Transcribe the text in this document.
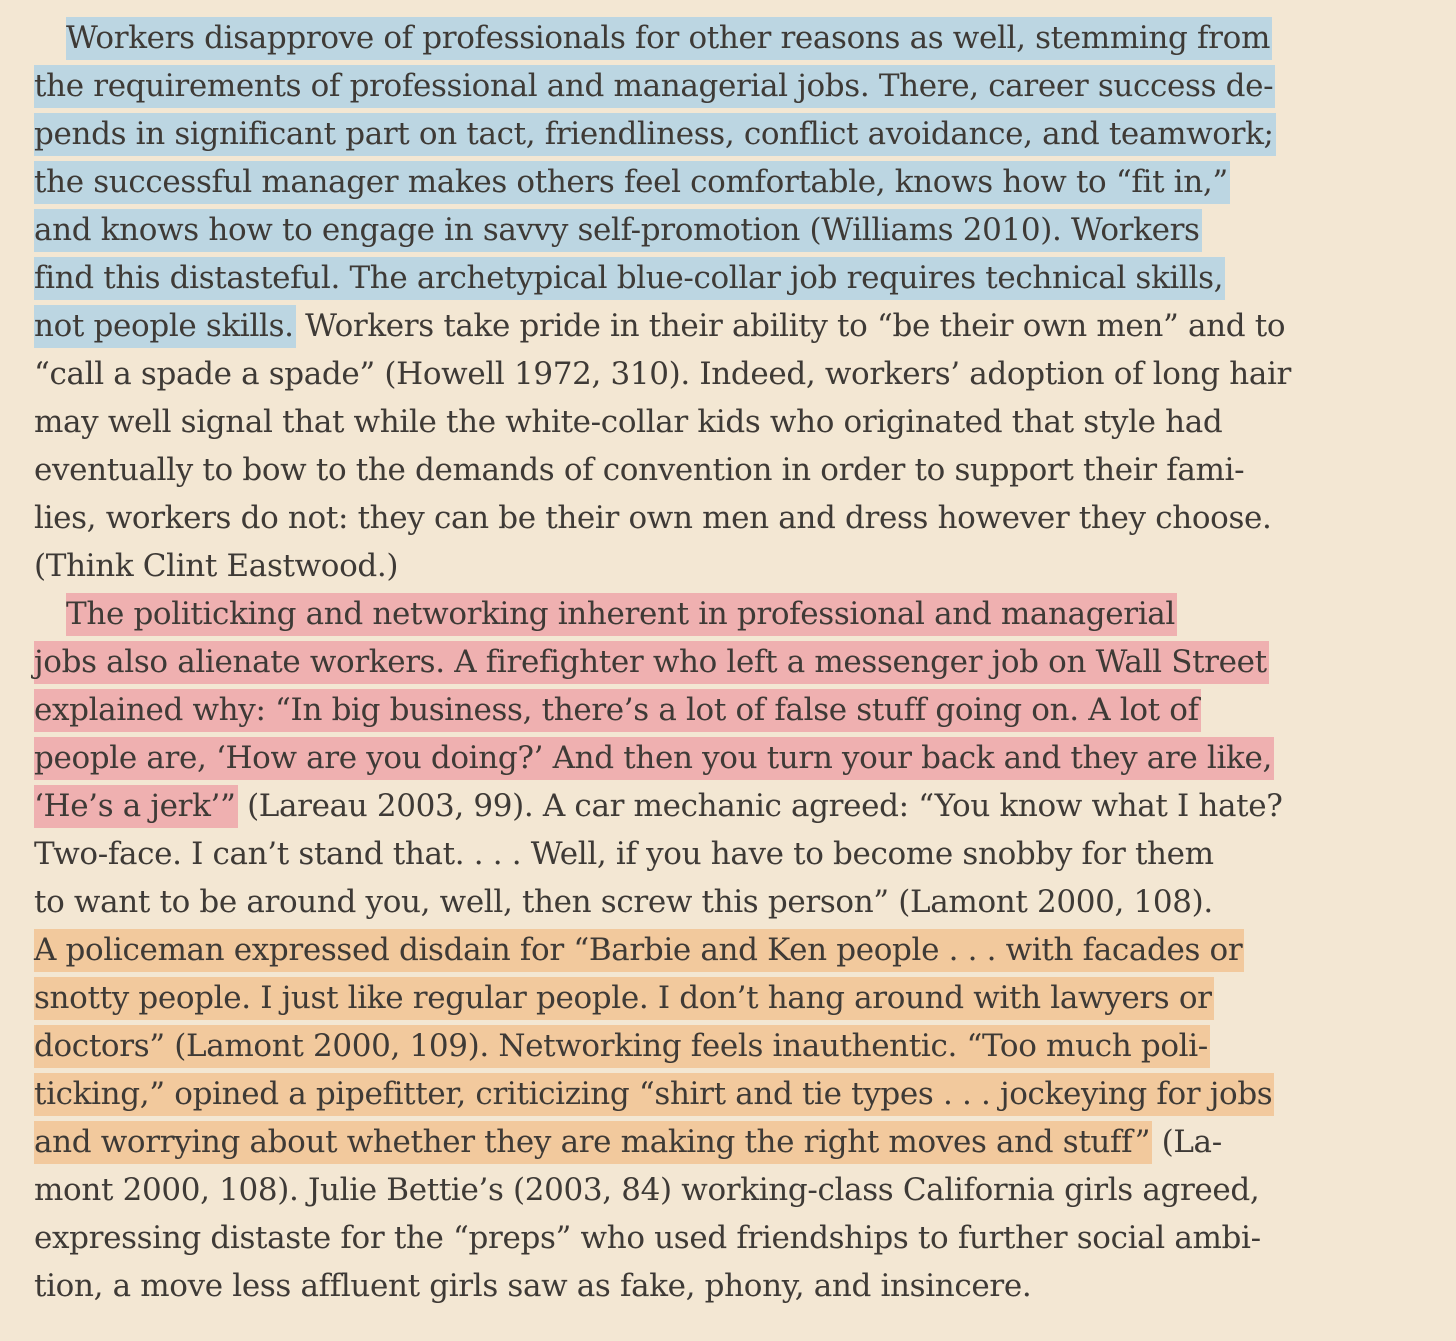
Workers disapprove of professionals for other reasons as well, stemming from
the requirements of professional and managerial jobs. There, career success de-
pends in significant part on tact, friendliness, conflict avoidance, and teamwork;
the successful manager makes others feel comfortable, knows how to “fit in,”
and knows how to engage in savvy self-promotion (Williams 2010). Workers
find this distasteful. The archetypical blue-collar job requires technical skills,
not people skills. Workers take pride in their ability to “be their own men” and to
“call a spade a spade” (Howell 1972, 310). Indeed, workers’ adoption of long hair
may well signal that while the white-collar kids who originated that style had
eventually to bow to the demands of convention in order to support their fami-
lies, workers do not: they can be their own men and dress however they choose.
(Think Clint Eastwood.)
The politicking and networking inherent in professional and managerial
jobs also alienate workers. A firefighter who left a messenger job on Wall Street
explained why: “In big business, there’s a lot of false stuff going on. A lot of
people are, ‘How are you doing?’ And then you turn your back and they are like,
‘He’s a jerk’” (Lareau 2003, 99). A car mechanic agreed: “You know what I hate?
Two-face. I can’t stand that. . . . Well, if you have to become snobby for them
to want to be around you, well, then screw this person” (Lamont 2000, 108).
A policeman expressed disdain for “Barbie and Ken people . . . with facades or
snotty people. I just like regular people. I don’t hang around with lawyers or
doctors” (Lamont 2000, 109). Networking feels inauthentic. “Too much poli-
ticking,” opined a pipefitter, criticizing “shirt and tie types . . . jockeying for jobs
and worrying about whether they are making the right moves and stuff” (La-
mont 2000, 108). Julie Bettie’s (2003, 84) working-class California girls agreed,
expressing distaste for the “preps” who used friendships to further social ambi-
tion, a move less affluent girls saw as fake, phony, and insincere.
